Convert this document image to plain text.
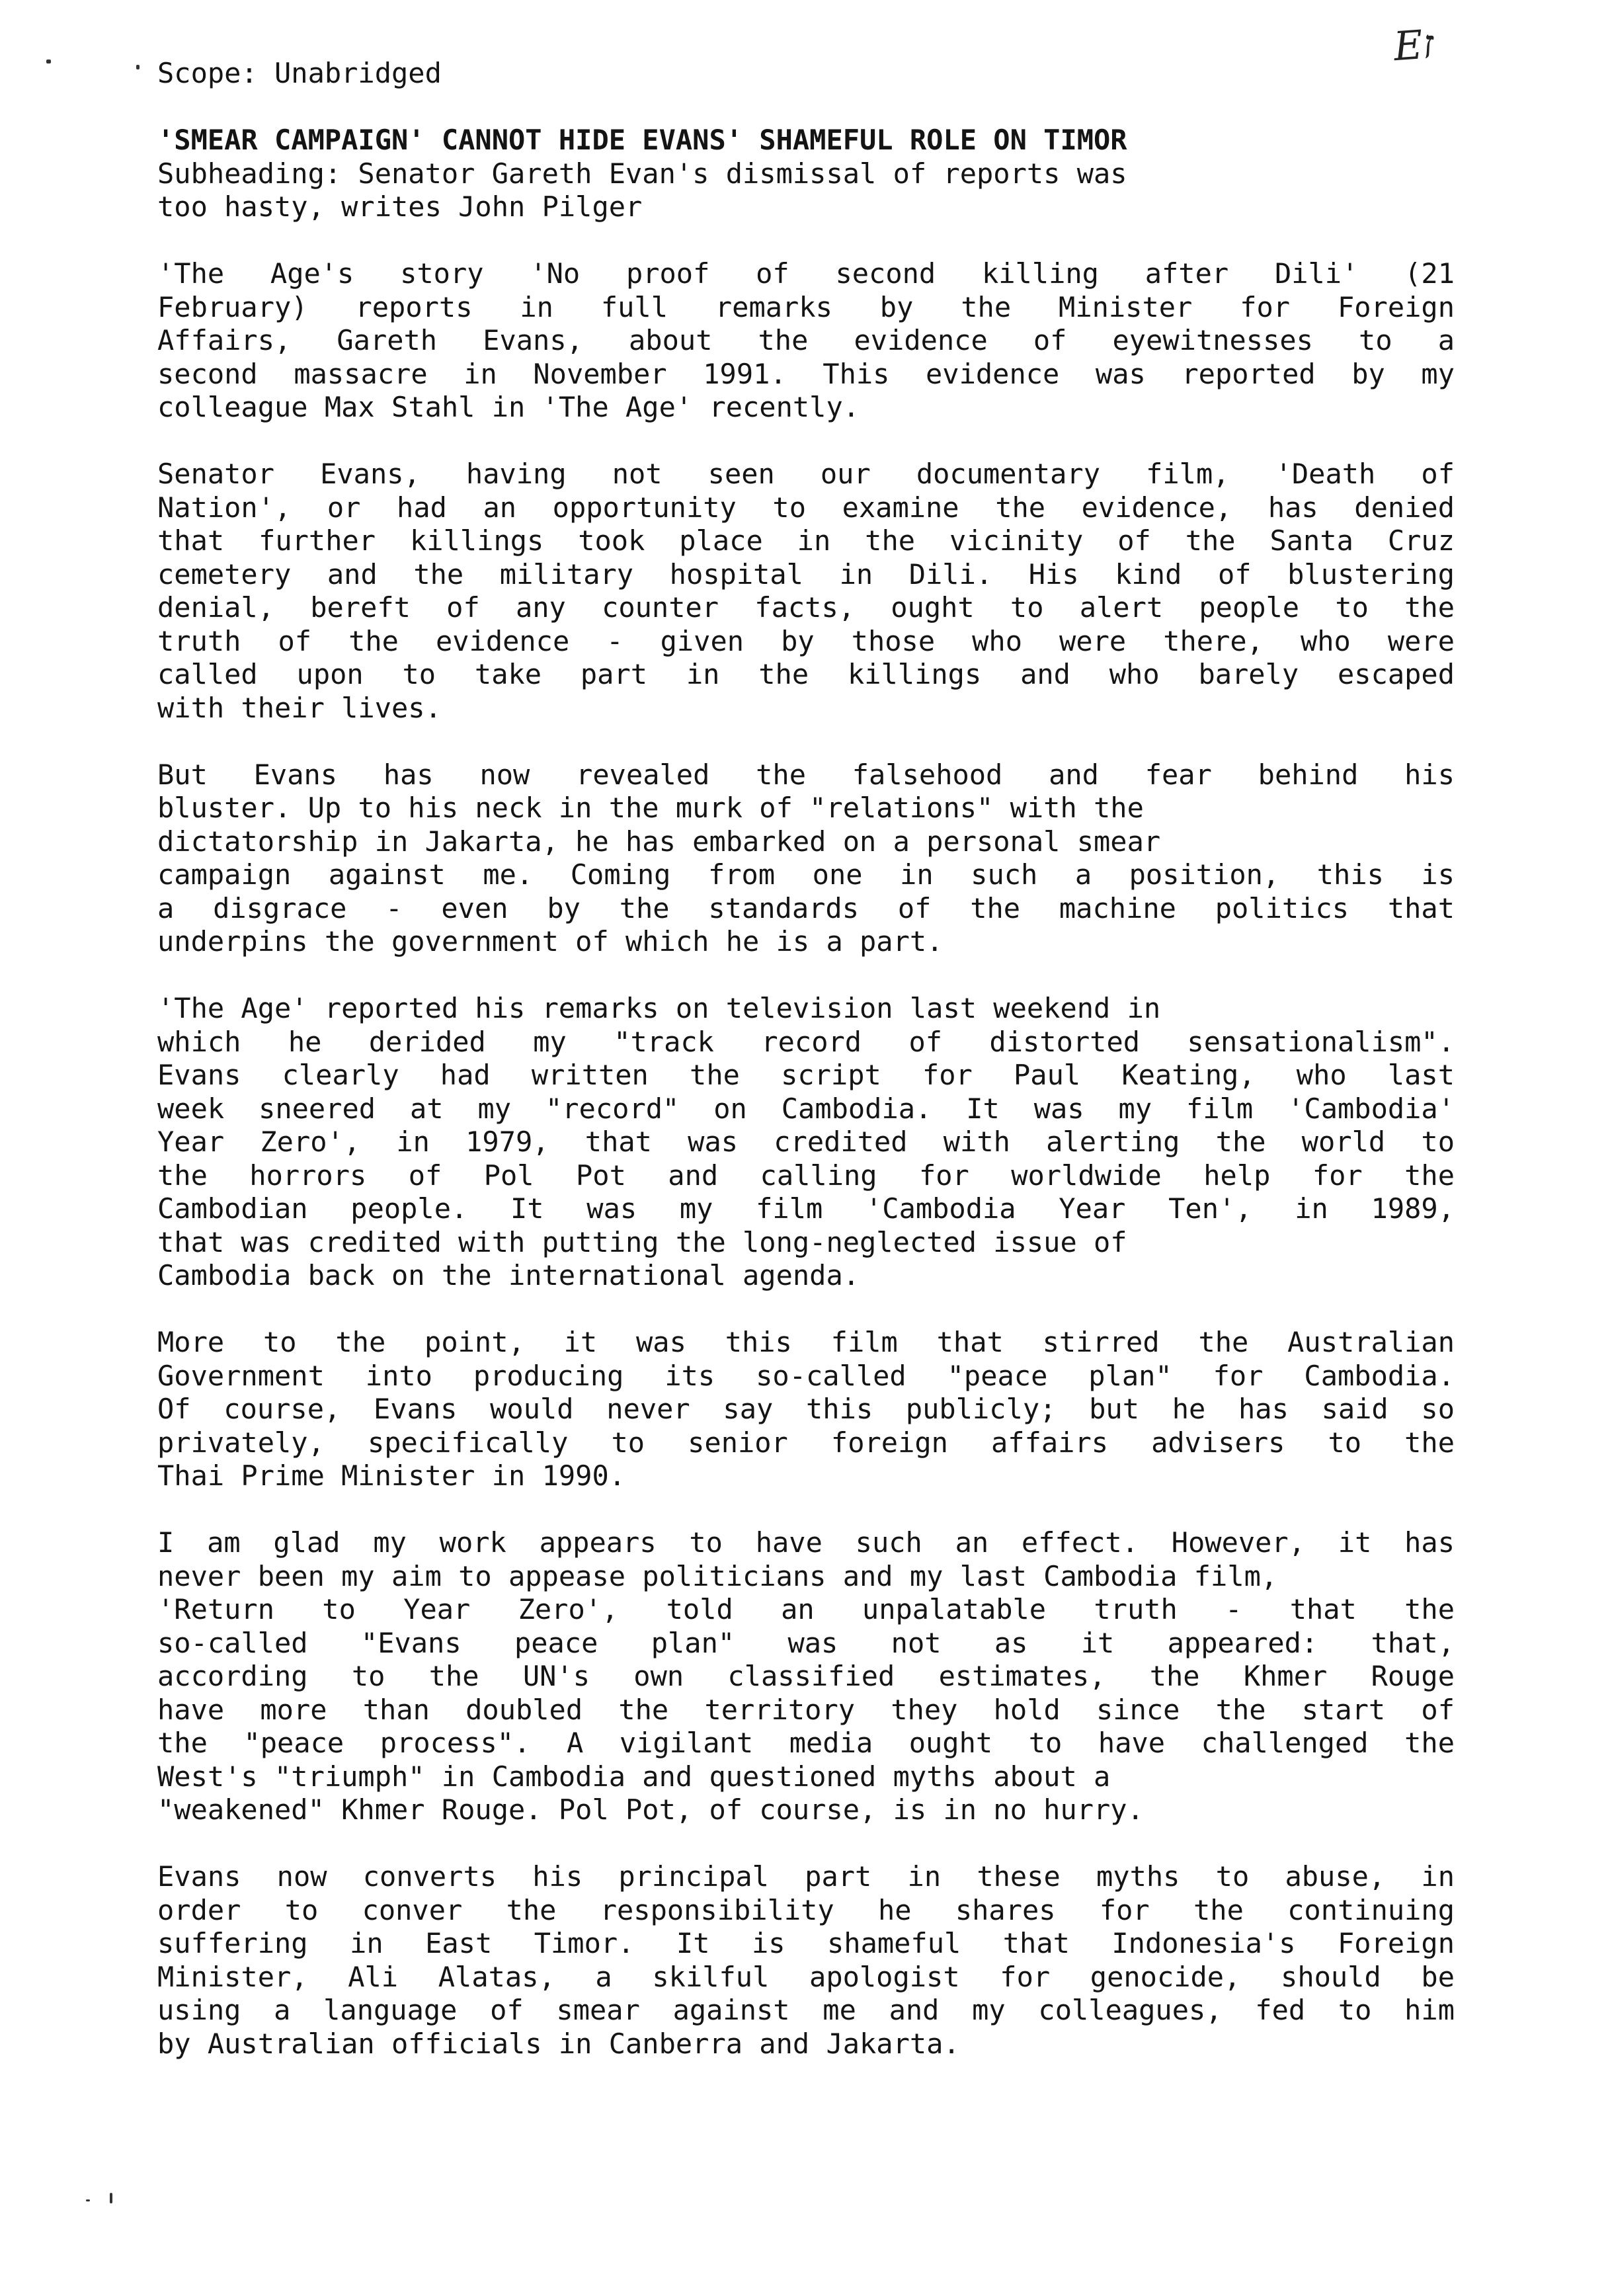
Eז
Scope: Unabridged
'SMEAR CAMPAIGN' CANNOT HIDE EVANS' SHAMEFUL ROLE ON TIMOR
Subheading: Senator Gareth Evan's dismissal of reports was
too hasty, writes John Pilger
'The Age's story 'No proof of second killing after Dili' (21
February) reports in full remarks by the Minister for Foreign
Affairs, Gareth Evans, about the evidence of eyewitnesses to a
second massacre in November 1991. This evidence was reported by my
colleague Max Stahl in 'The Age' recently.
Senator Evans, having not seen our documentary film, 'Death of
Nation', or had an opportunity to examine the evidence, has denied
that further killings took place in the vicinity of the Santa Cruz
cemetery and the military hospital in Dili. His kind of blustering
denial, bereft of any counter facts, ought to alert people to the
truth of the evidence - given by those who were there, who were
called upon to take part in the killings and who barely escaped
with their lives.
But Evans has now revealed the falsehood and fear behind his
bluster. Up to his neck in the murk of "relations" with the
dictatorship in Jakarta, he has embarked on a personal smear
campaign against me. Coming from one in such a position, this is
a disgrace - even by the standards of the machine politics that
underpins the government of which he is a part.
'The Age' reported his remarks on television last weekend in
which he derided my "track record of distorted sensationalism".
Evans clearly had written the script for Paul Keating, who last
week sneered at my "record" on Cambodia. It was my film 'Cambodia'
Year Zero', in 1979, that was credited with alerting the world to
the horrors of Pol Pot and calling for worldwide help for the
Cambodian people. It was my film 'Cambodia Year Ten', in 1989,
that was credited with putting the long-neglected issue of
Cambodia back on the international agenda.
More to the point, it was this film that stirred the Australian
Government into producing its so-called "peace plan" for Cambodia.
Of course, Evans would never say this publicly; but he has said so
privately, specifically to senior foreign affairs advisers to the
Thai Prime Minister in 1990.
I am glad my work appears to have such an effect. However, it has
never been my aim to appease politicians and my last Cambodia film,
'Return to Year Zero', told an unpalatable truth - that the
so-called "Evans peace plan" was not as it appeared: that,
according to the UN's own classified estimates, the Khmer Rouge
have more than doubled the territory they hold since the start of
the "peace process". A vigilant media ought to have challenged the
West's "triumph" in Cambodia and questioned myths about a
"weakened" Khmer Rouge. Pol Pot, of course, is in no hurry.
Evans now converts his principal part in these myths to abuse, in
order to conver the responsibility he shares for the continuing
suffering in East Timor. It is shameful that Indonesia's Foreign
Minister, Ali Alatas, a skilful apologist for genocide, should be
using a language of smear against me and my colleagues, fed to him
by Australian officials in Canberra and Jakarta.
